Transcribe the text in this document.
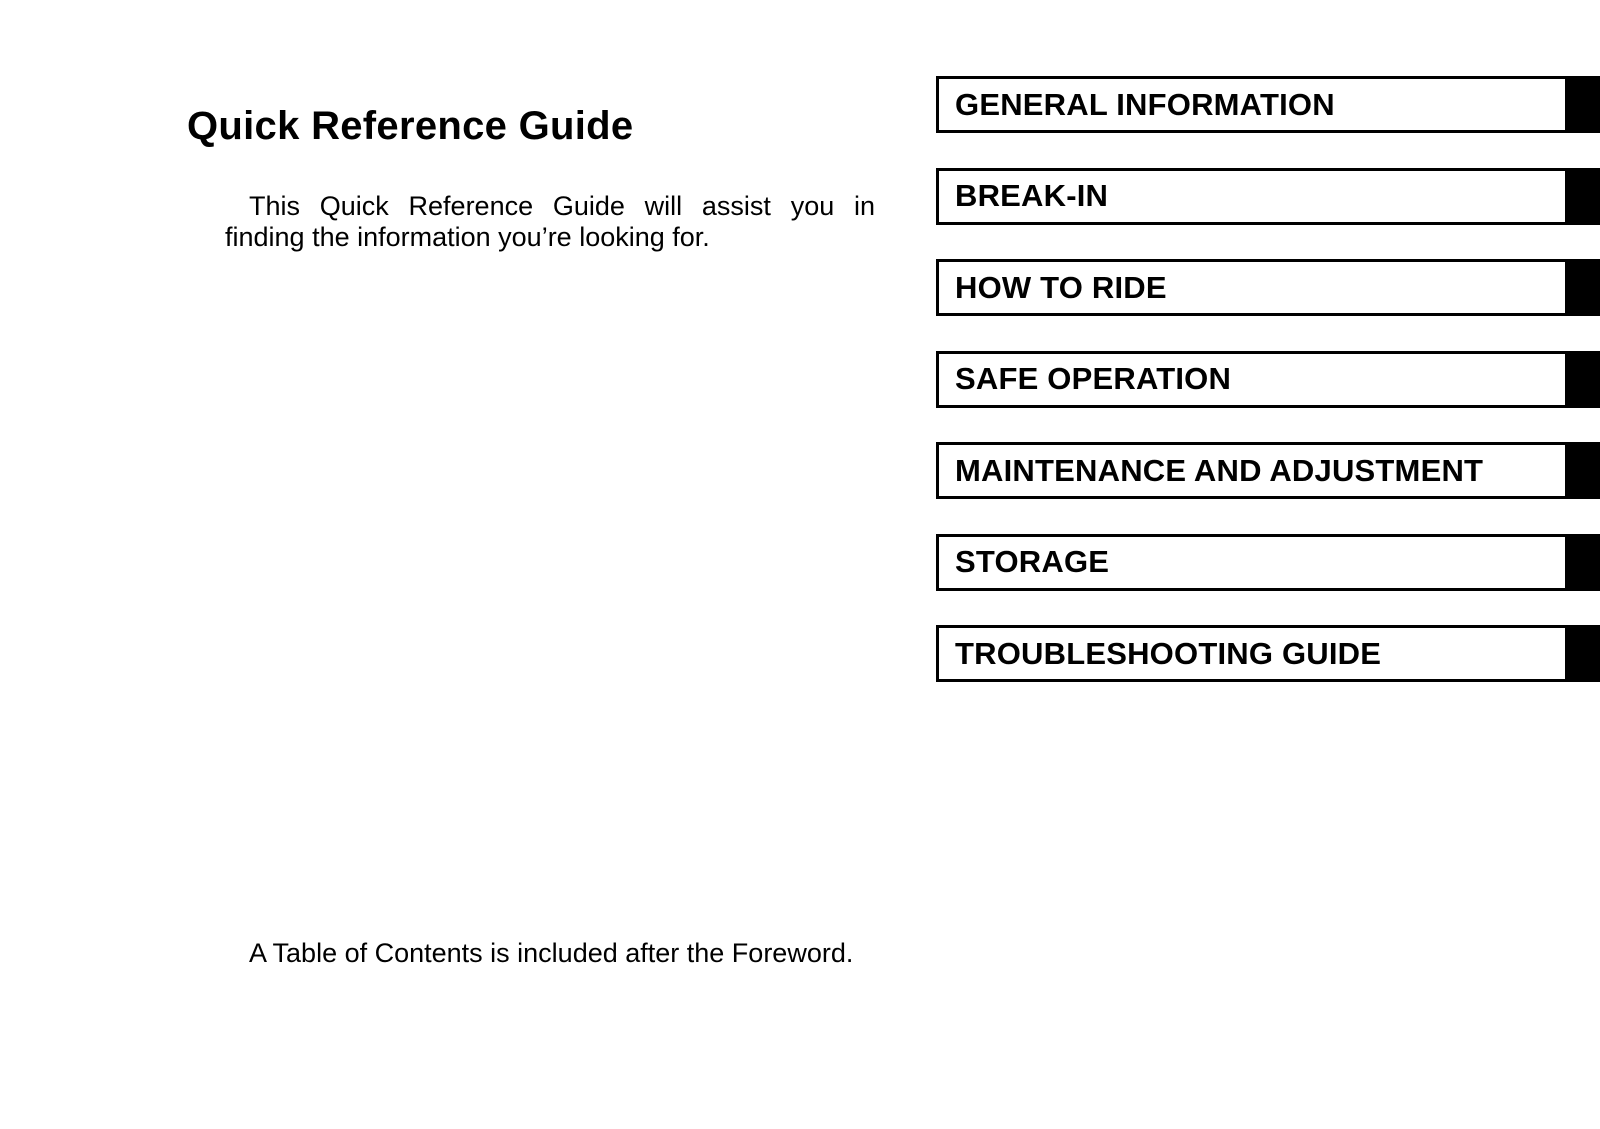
Quick Reference Guide

This Quick Reference Guide will assist you in finding the information you’re looking for.

A Table of Contents is included after the Foreword.

GENERAL INFORMATION
BREAK-IN
HOW TO RIDE
SAFE OPERATION
MAINTENANCE AND ADJUSTMENT
STORAGE
TROUBLESHOOTING GUIDE
